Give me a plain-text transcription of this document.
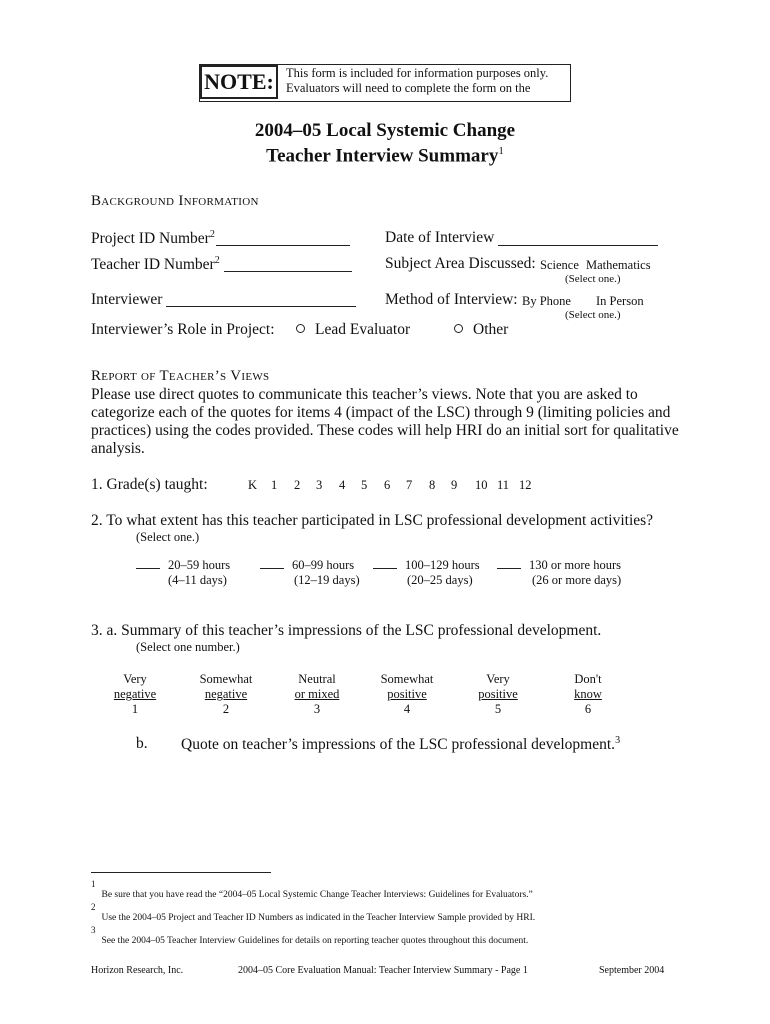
NOTE: This form is included for information purposes only.
Evaluators will need to complete the form on the
2004–05 Local Systemic Change
Teacher Interview Summary$^1$
Background Information
Project ID Number$^2$	Date of Interview
Teacher ID Number$^2$	Subject Area Discussed: Science Mathematics
(Select one.)
Interviewer	Method of Interview: By Phone In Person
(Select one.)
Interviewer’s Role in Project:	Lead Evaluator	Other
Report of Teacher’s Views
Please use direct quotes to communicate this teacher’s views. Note that you are asked to categorize each of the quotes for items 4 (impact of the LSC) through 9 (limiting policies and practices) using the codes provided. These codes will help HRI do an initial sort for qualitative analysis.
1. Grade(s) taught:	K 1 2 3 4 5 6 7 8 9 10 11 12
2. To what extent has this teacher participated in LSC professional development activities?
(Select one.)
20–59 hours
(4–11 days)
60–99 hours
(12–19 days)
100–129 hours
(20–25 days)
130 or more hours
(26 or more days)
3. a. Summary of this teacher’s impressions of the LSC professional development.
(Select one number.)
Very
negative
1
Somewhat
negative
2
Neutral
or mixed
3
Somewhat
positive
4
Very
positive
5
Don't
know
6
b. Quote on teacher’s impressions of the LSC professional development.$^3$
$^1$Be sure that you have read the “2004–05 Local Systemic Change Teacher Interviews: Guidelines for Evaluators.”
$^2$Use the 2004–05 Project and Teacher ID Numbers as indicated in the Teacher Interview Sample provided by HRI.
$^3$See the 2004–05 Teacher Interview Guidelines for details on reporting teacher quotes throughout this document.
Horizon Research, Inc.	2004–05 Core Evaluation Manual: Teacher Interview Summary - Page 1	September 2004
